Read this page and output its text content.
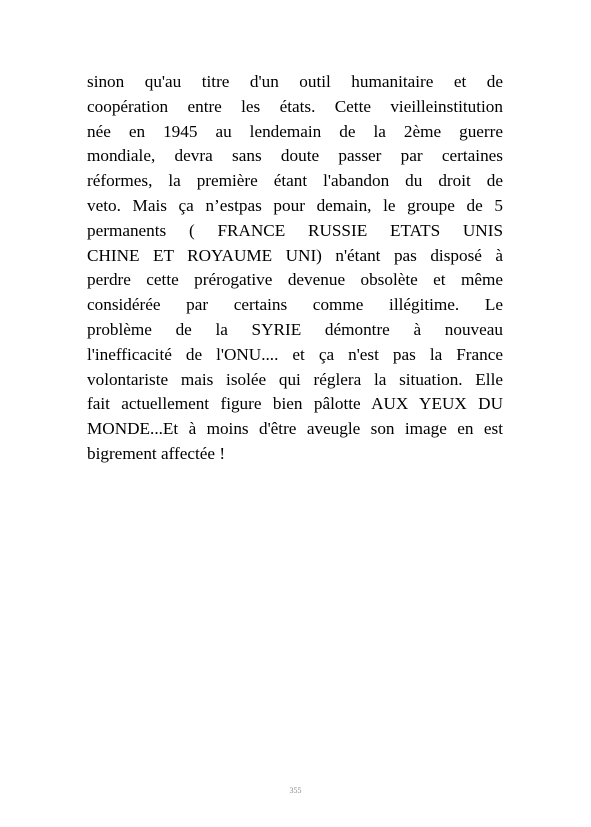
sinon qu'au titre d'un outil humanitaire et de
coopération entre les états. Cette vieilleinstitution
née en 1945 au lendemain de la 2ème guerre
mondiale, devra sans doute passer par certaines
réformes, la première étant l'abandon du droit de
veto. Mais ça n’estpas pour demain, le groupe de 5
permanents ( FRANCE RUSSIE ETATS UNIS
CHINE ET ROYAUME UNI) n'étant pas disposé à
perdre cette prérogative devenue obsolète et même
considérée par certains comme illégitime. Le
problème de la SYRIE démontre à nouveau
l'inefficacité de l'ONU.... et ça n'est pas la France
volontariste mais isolée qui réglera la situation. Elle
fait actuellement figure bien pâlotte AUX YEUX DU
MONDE...Et à moins d'être aveugle son image en est
bigrement affectée !

355
